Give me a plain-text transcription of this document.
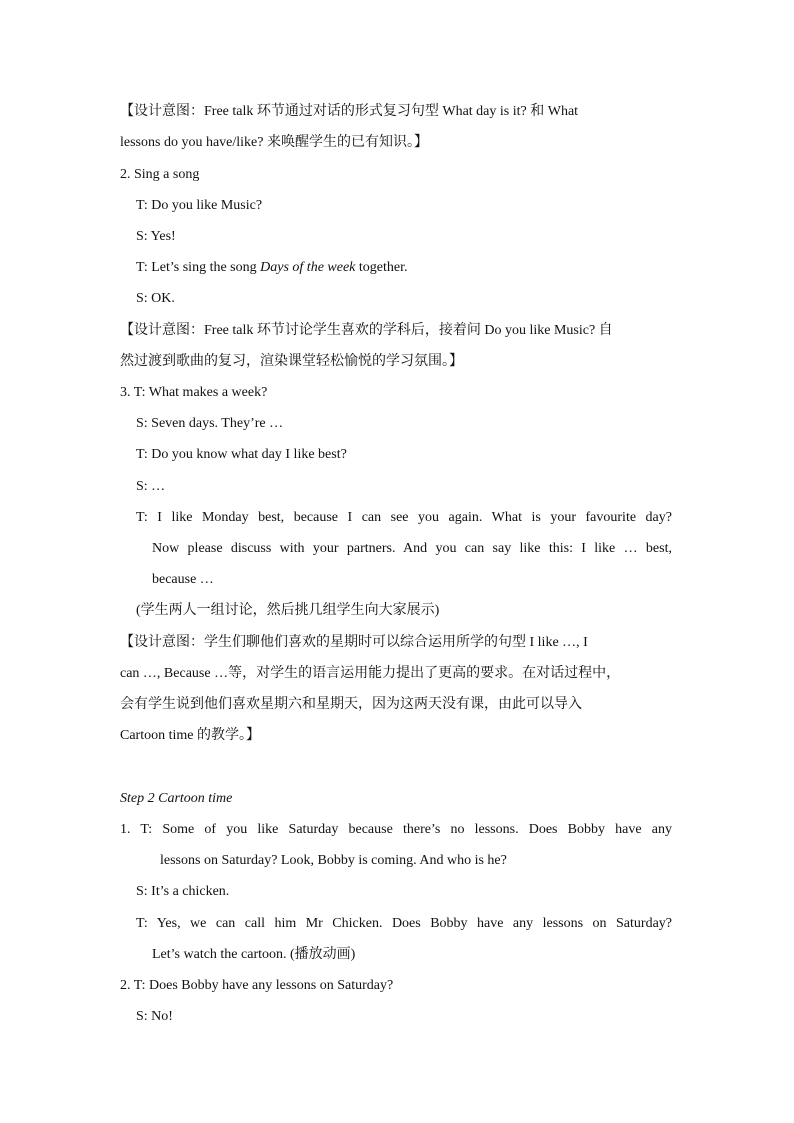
【设计意图：Free talk 环节通过对话的形式复习句型 What day is it? 和 What
lessons do you have/like? 来唤醒学生的已有知识。】
2. Sing a song
T: Do you like Music?
S: Yes!
T: Let’s sing the song Days of the week together.
S: OK.
【设计意图：Free talk 环节讨论学生喜欢的学科后，接着问 Do you like Music? 自
然过渡到歌曲的复习，渲染课堂轻松愉悦的学习氛围。】
3. T: What makes a week?
S: Seven days. They’re …
T: Do you know what day I like best?
S: …
T: I like Monday best, because I can see you again. What is your favourite day?
Now please discuss with your partners. And you can say like this: I like … best,
because …
(学生两人一组讨论，然后挑几组学生向大家展示)
【设计意图：学生们聊他们喜欢的星期时可以综合运用所学的句型 I like …, I
can …, Because …等，对学生的语言运用能力提出了更高的要求。在对话过程中，
会有学生说到他们喜欢星期六和星期天，因为这两天没有课，由此可以导入
Cartoon time 的教学。】
Step 2 Cartoon time
1. T: Some of you like Saturday because there’s no lessons. Does Bobby have any
lessons on Saturday? Look, Bobby is coming. And who is he?
S: It’s a chicken.
T: Yes, we can call him Mr Chicken. Does Bobby have any lessons on Saturday?
Let’s watch the cartoon. (播放动画)
2. T: Does Bobby have any lessons on Saturday?
S: No!
